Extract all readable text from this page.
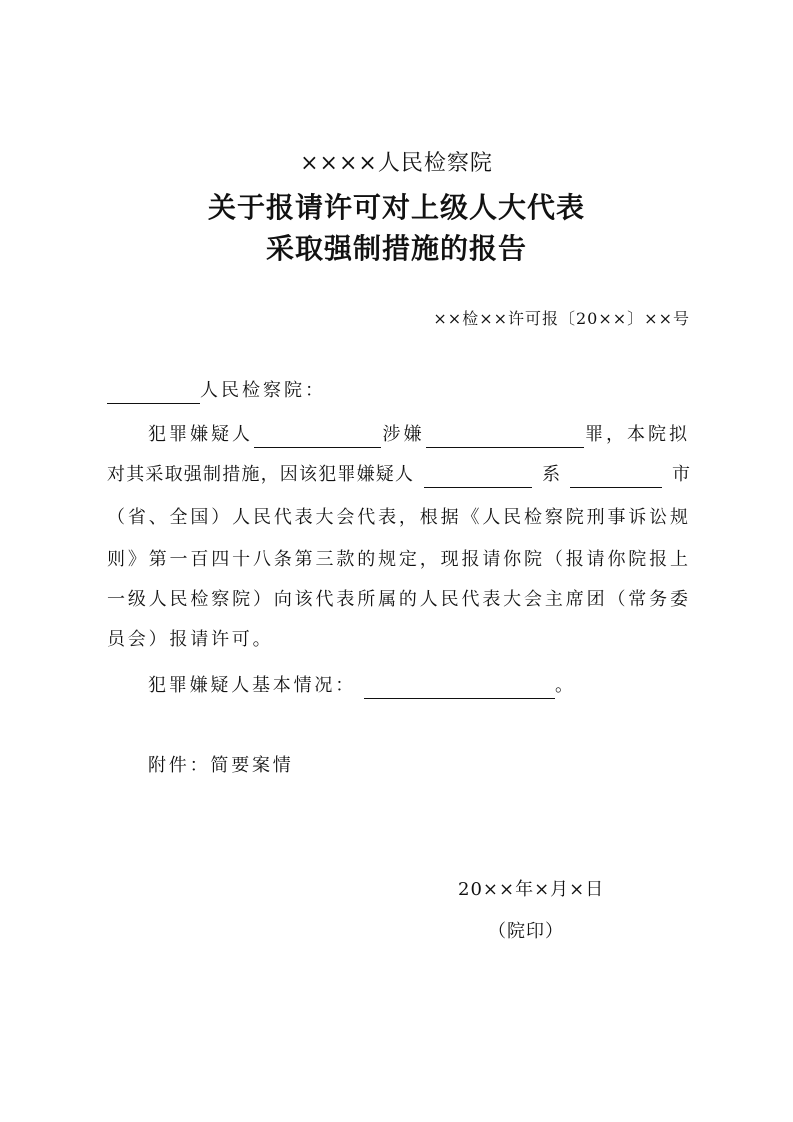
××××人民检察院
关于报请许可对上级人大代表
采取强制措施的报告
××检××许可报〔20××〕××号
人民检察院：
犯罪嫌疑人	涉嫌	罪，本院拟
对其采取强制措施，因该犯罪嫌疑人	系	市
（省、全国）人民代表大会代表，根据《人民检察院刑事诉讼规
则》第一百四十八条第三款的规定，现报请你院（报请你院报上
一级人民检察院）向该代表所属的人民代表大会主席团（常务委
员会）报请许可。
犯罪嫌疑人基本情况：	。
附件：简要案情
20××年×月×日
（院印）
